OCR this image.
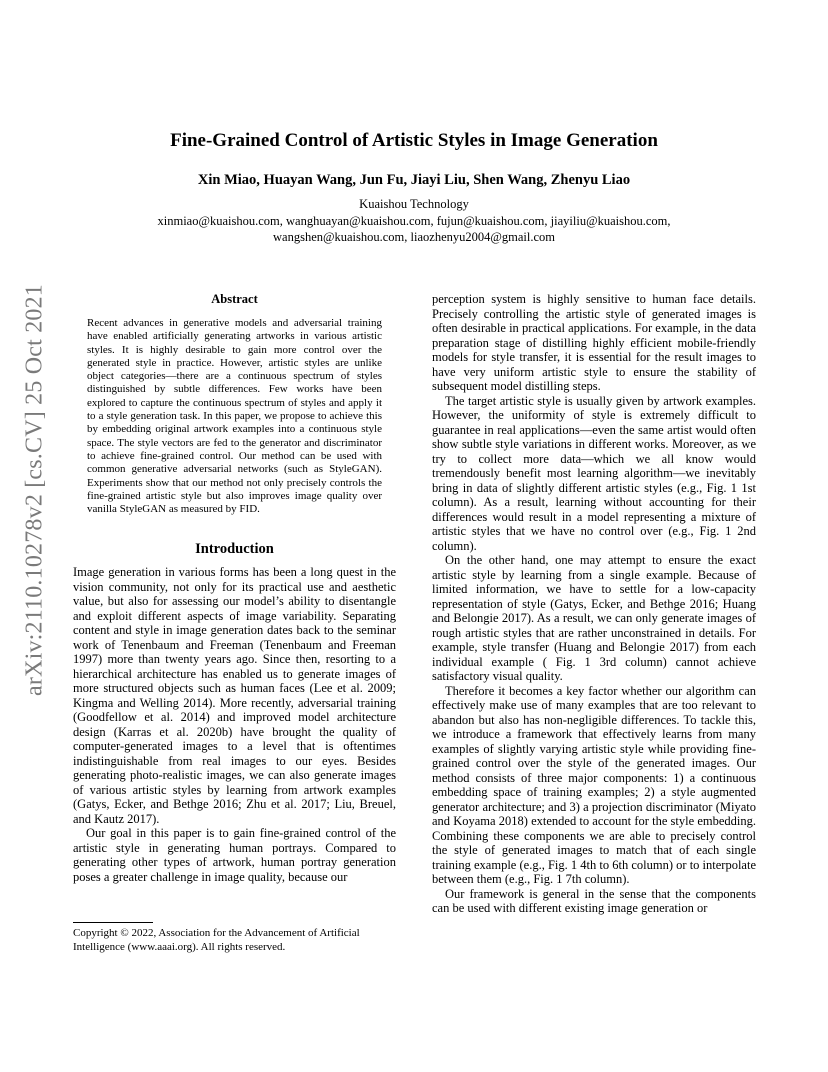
arXiv:2110.10278v2 [cs.CV] 25 Oct 2021
Fine-Grained Control of Artistic Styles in Image Generation
Xin Miao, Huayan Wang, Jun Fu, Jiayi Liu, Shen Wang, Zhenyu Liao
Kuaishou Technology
xinmiao@kuaishou.com, wanghuayan@kuaishou.com, fujun@kuaishou.com, jiayiliu@kuaishou.com, wangshen@kuaishou.com, liaozhenyu2004@gmail.com
Abstract

Recent advances in generative models and adversarial training have enabled artificially generating artworks in various artistic styles. It is highly desirable to gain more control over the generated style in practice. However, artistic styles are unlike object categories—there are a continuous spectrum of styles distinguished by subtle differences. Few works have been explored to capture the continuous spectrum of styles and apply it to a style generation task. In this paper, we propose to achieve this by embedding original artwork examples into a continuous style space. The style vectors are fed to the generator and discriminator to achieve fine-grained control. Our method can be used with common generative adversarial networks (such as StyleGAN). Experiments show that our method not only precisely controls the fine-grained artistic style but also improves image quality over vanilla StyleGAN as measured by FID.

Introduction

Image generation in various forms has been a long quest in the vision community, not only for its practical use and aesthetic value, but also for assessing our model’s ability to disentangle and exploit different aspects of image variability. Separating content and style in image generation dates back to the seminar work of Tenenbaum and Freeman (Tenenbaum and Freeman 1997) more than twenty years ago. Since then, resorting to a hierarchical architecture has enabled us to generate images of more structured objects such as human faces (Lee et al. 2009; Kingma and Welling 2014). More recently, adversarial training (Goodfellow et al. 2014) and improved model architecture design (Karras et al. 2020b) have brought the quality of computer-generated images to a level that is oftentimes indistinguishable from real images to our eyes. Besides generating photo-realistic images, we can also generate images of various artistic styles by learning from artwork examples (Gatys, Ecker, and Bethge 2016; Zhu et al. 2017; Liu, Breuel, and Kautz 2017).

Our goal in this paper is to gain fine-grained control of the artistic style in generating human portrays. Compared to generating other types of artwork, human portray generation poses a greater challenge in image quality, because our

Copyright © 2022, Association for the Advancement of Artificial Intelligence (www.aaai.org). All rights reserved.

perception system is highly sensitive to human face details. Precisely controlling the artistic style of generated images is often desirable in practical applications. For example, in the data preparation stage of distilling highly efficient mobile-friendly models for style transfer, it is essential for the result images to have very uniform artistic style to ensure the stability of subsequent model distilling steps.

The target artistic style is usually given by artwork examples. However, the uniformity of style is extremely difficult to guarantee in real applications—even the same artist would often show subtle style variations in different works. Moreover, as we try to collect more data—which we all know would tremendously benefit most learning algorithm—we inevitably bring in data of slightly different artistic styles (e.g., Fig. 1 1st column). As a result, learning without accounting for their differences would result in a model representing a mixture of artistic styles that we have no control over (e.g., Fig. 1 2nd column).

On the other hand, one may attempt to ensure the exact artistic style by learning from a single example. Because of limited information, we have to settle for a low-capacity representation of style (Gatys, Ecker, and Bethge 2016; Huang and Belongie 2017). As a result, we can only generate images of rough artistic styles that are rather unconstrained in details. For example, style transfer (Huang and Belongie 2017) from each individual example ( Fig. 1 3rd column) cannot achieve satisfactory visual quality.

Therefore it becomes a key factor whether our algorithm can effectively make use of many examples that are too relevant to abandon but also has non-negligible differences. To tackle this, we introduce a framework that effectively learns from many examples of slightly varying artistic style while providing fine-grained control over the style of the generated images. Our method consists of three major components: 1) a continuous embedding space of training examples; 2) a style augmented generator architecture; and 3) a projection discriminator (Miyato and Koyama 2018) extended to account for the style embedding. Combining these components we are able to precisely control the style of generated images to match that of each single training example (e.g., Fig. 1 4th to 6th column) or to interpolate between them (e.g., Fig. 1 7th column).

Our framework is general in the sense that the components can be used with different existing image generation or
